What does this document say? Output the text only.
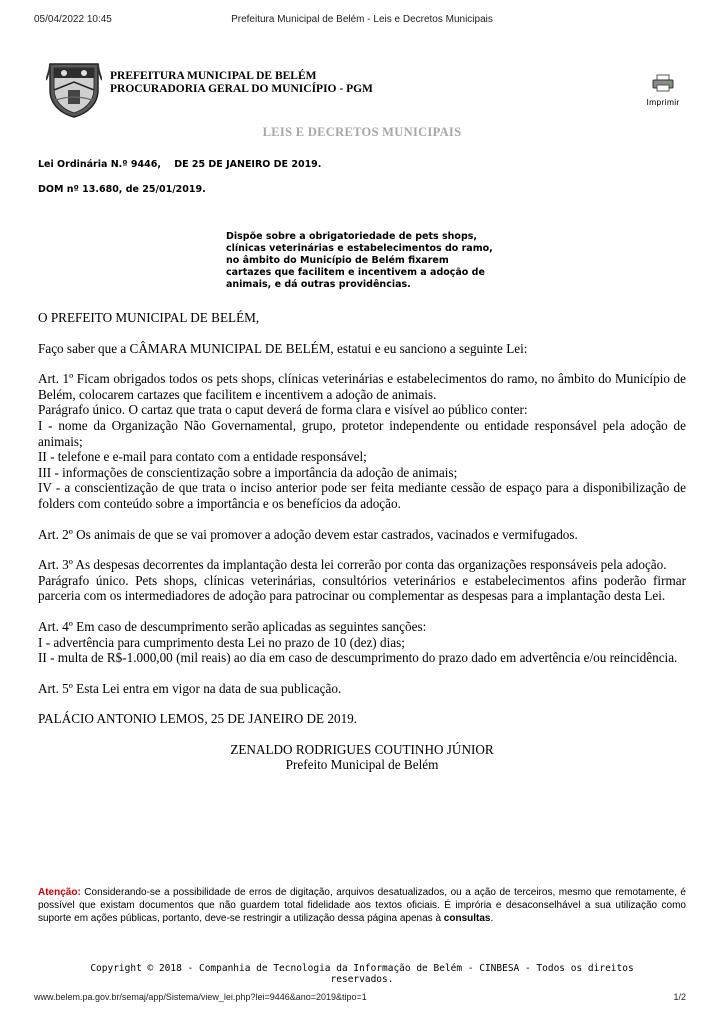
05/04/2022 10:45	Prefeitura Municipal de Belém - Leis e Decretos Municipais
PREFEITURA MUNICIPAL DE BELÉM
PROCURADORIA GERAL DO MUNICÍPIO - PGM
Imprimir
LEIS E DECRETOS MUNICIPAIS
Lei Ordinária N.º 9446,    DE 25 DE JANEIRO DE 2019.
DOM nº 13.680, de 25/01/2019.
Dispõe sobre a obrigatoriedade de pets shops,
clínicas veterinárias e estabelecimentos do ramo,
no âmbito do Município de Belém fixarem
cartazes que facilitem e incentivem a adoção de
animais, e dá outras providências.

O PREFEITO MUNICIPAL DE BELÉM,

Faço saber que a CÂMARA MUNICIPAL DE BELÉM, estatui e eu sanciono a seguinte Lei:

Art. 1º Ficam obrigados todos os pets shops, clínicas veterinárias e estabelecimentos do ramo, no âmbito do Município de Belém, colocarem cartazes que facilitem e incentivem a adoção de animais.

Parágrafo único. O cartaz que trata o caput deverá de forma clara e visível ao público conter:

I - nome da Organização Não Governamental, grupo, protetor independente ou entidade responsável pela adoção de animais;

II - telefone e e-mail para contato com a entidade responsável;

III - informações de conscientização sobre a importância da adoção de animais;

IV - a conscientização de que trata o inciso anterior pode ser feita mediante cessão de espaço para a disponibilização de folders com conteúdo sobre a importância e os benefícios da adoção.

Art. 2º Os animais de que se vai promover a adoção devem estar castrados, vacinados e vermifugados.

Art. 3º As despesas decorrentes da implantação desta lei correrão por conta das organizações responsáveis pela adoção.

Parágrafo único. Pets shops, clínicas veterinárias, consultórios veterinários e estabelecimentos afins poderão firmar parceria com os intermediadores de adoção para patrocinar ou complementar as despesas para a implantação desta Lei.

Art. 4º Em caso de descumprimento serão aplicadas as seguintes sanções:

I - advertência para cumprimento desta Lei no prazo de 10 (dez) dias;

II - multa de R$-1.000,00 (mil reais) ao dia em caso de descumprimento do prazo dado em advertência e/ou reincidência.

Art. 5º Esta Lei entra em vigor na data de sua publicação.

PALÁCIO ANTONIO LEMOS, 25 DE JANEIRO DE 2019.

ZENALDO RODRIGUES COUTINHO JÚNIOR

Prefeito Municipal de Belém

Atenção: Considerando-se a possibilidade de erros de digitação, arquivos desatualizados, ou a ação de terceiros, mesmo que remotamente, é possível que existam documentos que não guardem total fidelidade aos textos oficiais. É imprória e desaconselhável a sua utilização como suporte em ações públicas, portanto, deve-se restringir a utilização dessa página apenas à consultas.
Copyright © 2018 - Companhia de Tecnologia da Informação de Belém - CINBESA - Todos os direitos
reservados.
www.belem.pa.gov.br/semaj/app/Sistema/view_lei.php?lei=9446&ano=2019&tipo=1	1/2
